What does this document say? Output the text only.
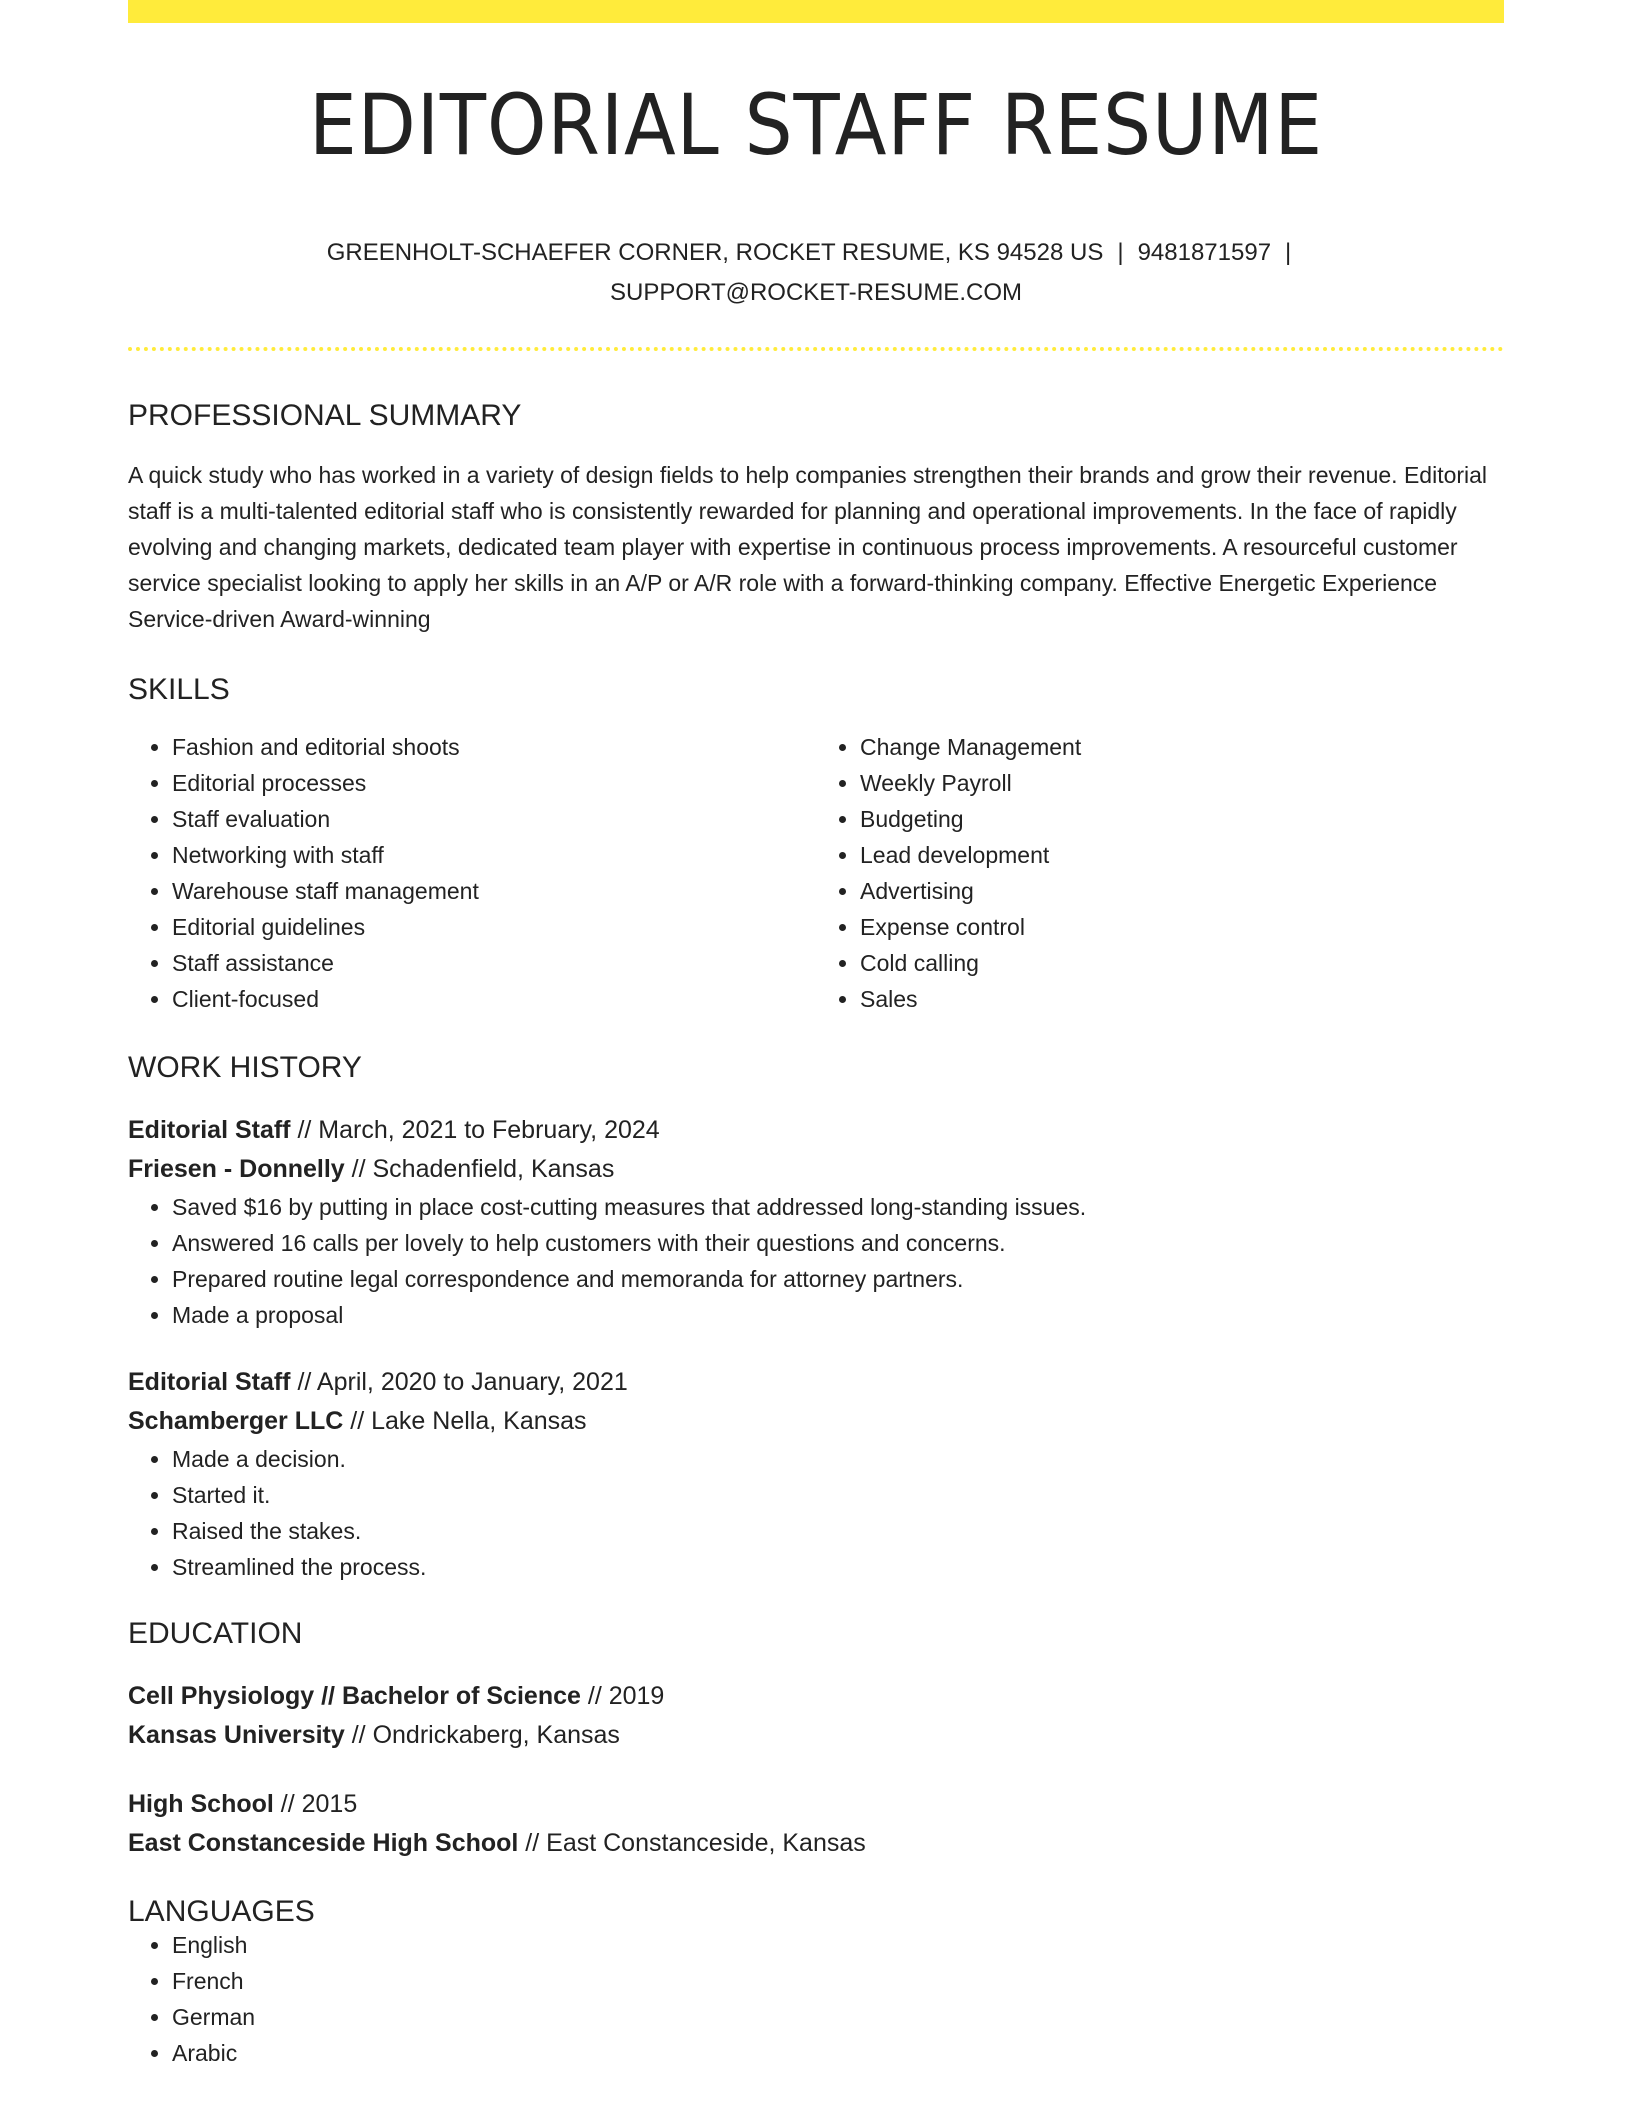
EDITORIAL STAFF RESUME
GREENHOLT-SCHAEFER CORNER, ROCKET RESUME, KS 94528 US | 9481871597 |
SUPPORT@ROCKET-RESUME.COM
PROFESSIONAL SUMMARY

A quick study who has worked in a variety of design fields to help companies strengthen their brands and grow their revenue. Editorial staff is a multi-talented editorial staff who is consistently rewarded for planning and operational improvements. In the face of rapidly evolving and changing markets, dedicated team player with expertise in continuous process improvements. A resourceful customer service specialist looking to apply her skills in an A/P or A/R role with a forward-thinking company. Effective Energetic Experience Service-driven Award-winning

SKILLS
• Fashion and editorial shoots
• Editorial processes
• Staff evaluation
• Networking with staff
• Warehouse staff management
• Editorial guidelines
• Staff assistance
• Client-focused
• Change Management
• Weekly Payroll
• Budgeting
• Lead development
• Advertising
• Expense control
• Cold calling
• Sales
WORK HISTORY
Editorial Staff // March, 2021 to February, 2024
Friesen - Donnelly // Schadenfield, Kansas
• Saved $16 by putting in place cost-cutting measures that addressed long-standing issues.
• Answered 16 calls per lovely to help customers with their questions and concerns.
• Prepared routine legal correspondence and memoranda for attorney partners.
• Made a proposal
Editorial Staff // April, 2020 to January, 2021
Schamberger LLC // Lake Nella, Kansas
• Made a decision.
• Started it.
• Raised the stakes.
• Streamlined the process.
EDUCATION
Cell Physiology // Bachelor of Science // 2019
Kansas University // Ondrickaberg, Kansas
High School // 2015
East Constanceside High School // East Constanceside, Kansas
LANGUAGES
• English
• French
• German
• Arabic
